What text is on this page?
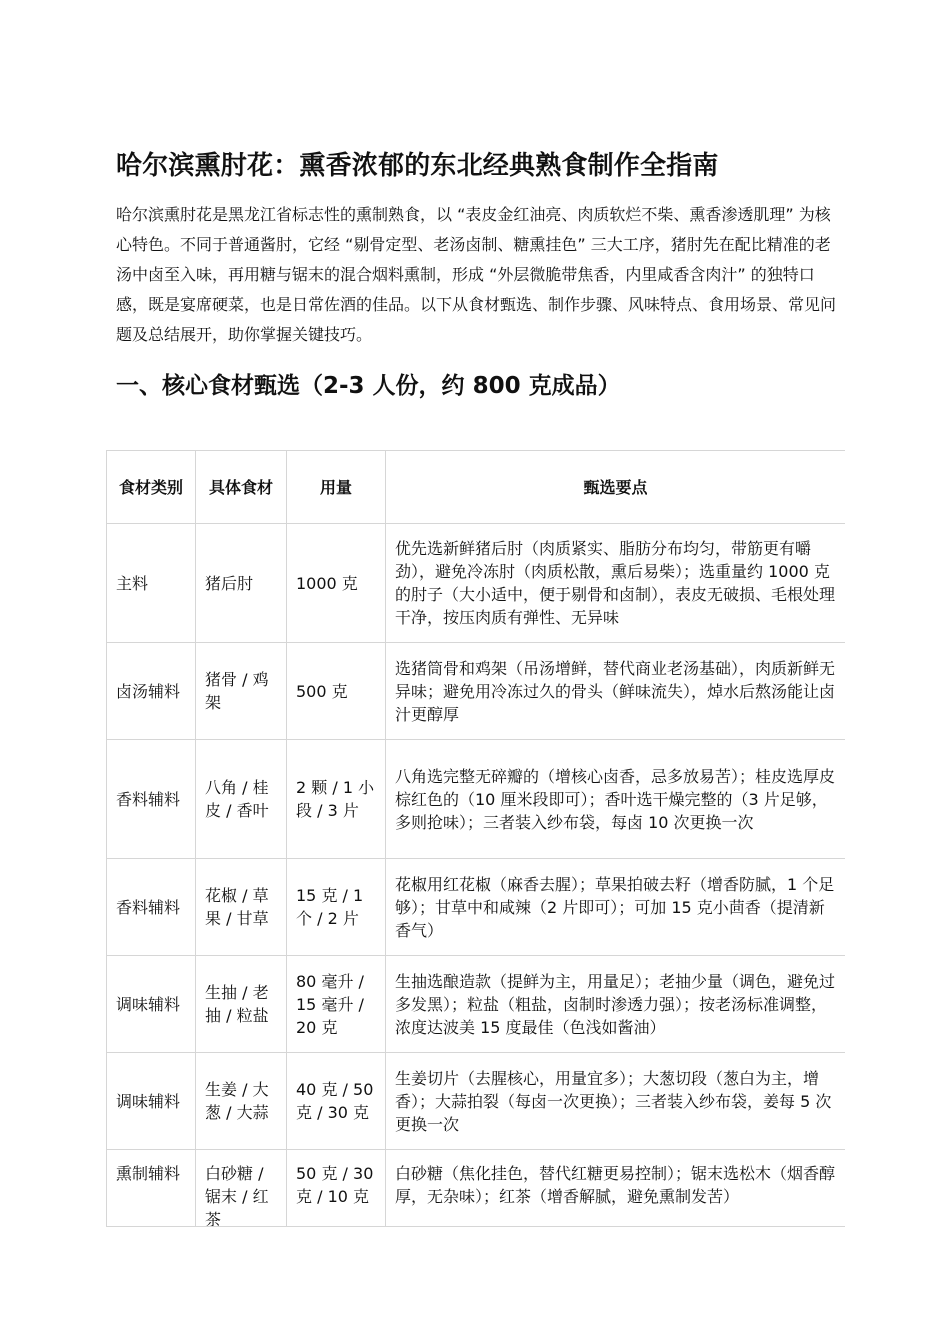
哈尔滨熏肘花：熏香浓郁的东北经典熟食制作全指南

哈尔滨熏肘花是黑龙江省标志性的熏制熟食，以 “表皮金红油亮、肉质软烂不柴、熏香渗透肌理” 为核心特色。不同于普通酱肘，它经 “剔骨定型、老汤卤制、糖熏挂色” 三大工序，猪肘先在配比精准的老汤中卤至入味，再用糖与锯末的混合烟料熏制，形成 “外层微脆带焦香，内里咸香含肉汁” 的独特口感，既是宴席硬菜，也是日常佐酒的佳品。以下从食材甄选、制作步骤、风味特点、食用场景、常见问题及总结展开，助你掌握关键技巧。

一、核心食材甄选（2-3 人份，约 800 克成品）
食材类别	具体食材	用量	甄选要点
主料	猪后肘	1000 克	优先选新鲜猪后肘（肉质紧实、脂肪分布均匀，带筋更有嚼劲），避免冷冻肘（肉质松散，熏后易柴）；选重量约 1000 克的肘子（大小适中，便于剔骨和卤制），表皮无破损、毛根处理干净，按压肉质有弹性、无异味
卤汤辅料	猪骨 / 鸡架	500 克	选猪筒骨和鸡架（吊汤增鲜，替代商业老汤基础），肉质新鲜无异味；避免用冷冻过久的骨头（鲜味流失），焯水后熬汤能让卤汁更醇厚
香料辅料	八角 / 桂皮 / 香叶	2 颗 / 1 小段 / 3 片	八角选完整无碎瓣的（增核心卤香，忌多放易苦）；桂皮选厚皮棕红色的（10 厘米段即可）；香叶选干燥完整的（3 片足够，多则抢味）；三者装入纱布袋，每卤 10 次更换一次
香料辅料	花椒 / 草果 / 甘草	15 克 / 1 个 / 2 片	花椒用红花椒（麻香去腥）；草果拍破去籽（增香防腻，1 个足够）；甘草中和咸辣（2 片即可）；可加 15 克小茴香（提清新香气）
调味辅料	生抽 / 老抽 / 粒盐	80 毫升 / 15 毫升 / 20 克	生抽选酿造款（提鲜为主，用量足）；老抽少量（调色，避免过多发黑）；粒盐（粗盐，卤制时渗透力强）；按老汤标准调整，浓度达波美 15 度最佳（色浅如酱油）
调味辅料	生姜 / 大葱 / 大蒜	40 克 / 50 克 / 30 克	生姜切片（去腥核心，用量宜多）；大葱切段（葱白为主，增香）；大蒜拍裂（每卤一次更换）；三者装入纱布袋，姜每 5 次更换一次
熏制辅料	白砂糖 / 锯末 / 红茶	50 克 / 30 克 / 10 克	白砂糖（焦化挂色，替代红糖更易控制）；锯末选松木（烟香醇厚，无杂味）；红茶（增香解腻，避免熏制发苦）
